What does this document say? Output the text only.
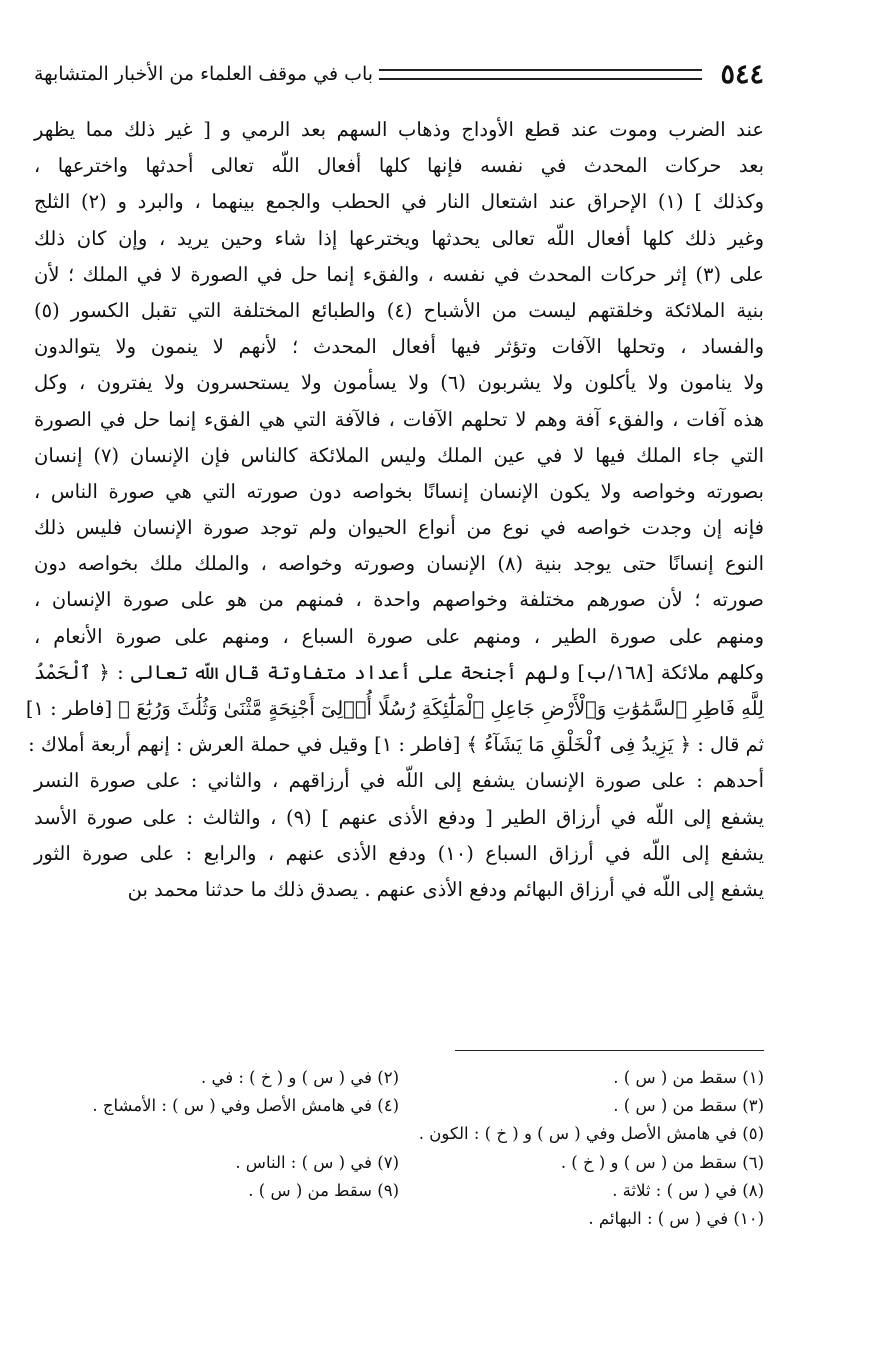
٥٤٤
باب في موقف العلماء من الأخبار المتشابهة
عند الضرب وموت عند قطع الأوداج وذهاب السهم بعد الرمي و [ غير ذلك مما يظهر
بعد حركات المحدث في نفسه فإنها كلها أفعال اللّه تعالى أحدثها واخترعها ،
وكذلك ] (١) الإحراق عند اشتعال النار في الحطب والجمع بينهما ، والبرد و (٢) الثلج
وغير ذلك كلها أفعال اللّه تعالى يحدثها ويخترعها إذا شاء وحين يريد ، وإن كان ذلك
على (٣) إثر حركات المحدث في نفسه ، والفقء إنما حل في الصورة لا في الملك ؛ لأن
بنية الملائكة وخلقتهم ليست من الأشباح (٤) والطبائع المختلفة التي تقبل الكسور (٥)
والفساد ، وتحلها الآفات وتؤثر فيها أفعال المحدث ؛ لأنهم لا ينمون ولا يتوالدون
ولا ينامون ولا يأكلون ولا يشربون (٦) ولا يسأمون ولا يستحسرون ولا يفترون ، وكل
هذه آفات ، والفقء آفة وهم لا تحلهم الآفات ، فالآفة التي هي الفقء إنما حل في الصورة
التي جاء الملك فيها لا في عين الملك وليس الملائكة كالناس فإن الإنسان (٧) إنسان
بصورته وخواصه ولا يكون الإنسان إنسانًا بخواصه دون صورته التي هي صورة الناس ،
فإنه إن وجدت خواصه في نوع من أنواع الحيوان ولم توجد صورة الإنسان فليس ذلك
النوع إنسانًا حتى يوجد بنية (٨) الإنسان وصورته وخواصه ، والملك ملك بخواصه دون
صورته ؛ لأن صورهم مختلفة وخواصهم واحدة ، فمنهم من هو على صورة الإنسان ،
ومنهم على صورة الطير ، ومنهم على صورة السباع ، ومنهم على صورة الأنعام ،
وكلهم ملائكة [١٦٨/ب] ولهم أجنحة على أعداد متفاوتة قال اللّه تعالى : ﴿ ٱلْحَمْدُ
لِلَّهِ فَاطِرِ ٱلسَّمَٰوَٰتِ وَٱلْأَرْضِ جَاعِلِ ٱلْمَلَٰٓئِكَةِ رُسُلًا أُو۟لِىٓ أَجْنِحَةٍ مَّثْنَىٰ وَثُلَٰثَ وَرُبَٰعَ ﴾ [فاطر : ١]
ثم قال : ﴿ يَزِيدُ فِى ٱلْخَلْقِ مَا يَشَآءُ ﴾ [فاطر : ١] وقيل في حملة العرش : إنهم أربعة أملاك :
أحدهم : على صورة الإنسان يشفع إلى اللّه في أرزاقهم ، والثاني : على صورة النسر
يشفع إلى اللّه في أرزاق الطير [ ودفع الأذى عنهم ] (٩) ، والثالث : على صورة الأسد
يشفع إلى اللّه في أرزاق السباع (١٠) ودفع الأذى عنهم ، والرابع : على صورة الثور
يشفع إلى اللّه في أرزاق البهائم ودفع الأذى عنهم . يصدق ذلك ما حدثنا محمد بن
(١) سقط من ( س ) .
(٢) في ( س ) و ( خ ) : في .
(٣) سقط من ( س ) .
(٤) في هامش الأصل وفي ( س ) : الأمشاج .
(٥) في هامش الأصل وفي ( س ) و ( خ ) : الكون .
(٦) سقط من ( س ) و ( خ ) .
(٧) في ( س ) : الناس .
(٨) في ( س ) : ثلاثة .
(٩) سقط من ( س ) .
(١٠) في ( س ) : البهائم .
